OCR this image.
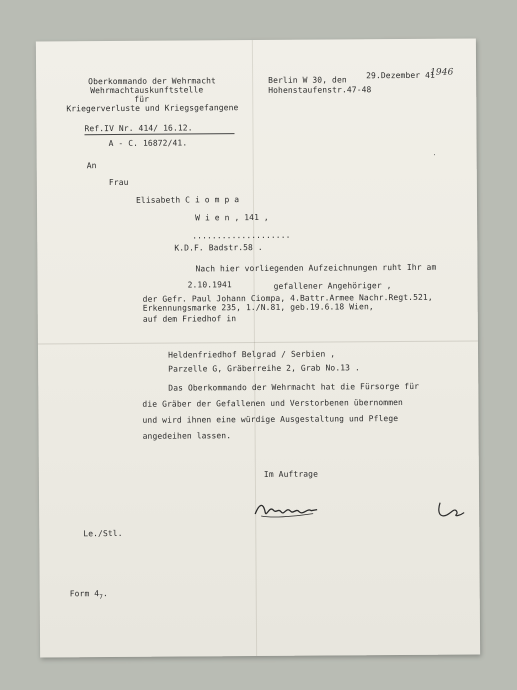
Oberkommando der Wehrmacht
Wehrmachtauskunftstelle
für
Kriegerverluste und Kriegsgefangene
Berlin W 30, den 29.Dezember 41
1946
Hohenstaufenstr.47-48
Ref.IV Nr. 414/ 16.12.
A - C. 16872/41.
·
An
Frau
Elisabeth C i o m p a
W i e n , 141 ,
....................
K.D.F. Badstr.58 .
Nach hier vorliegenden Aufzeichnungen ruht Ihr am
2.10.1941	gefallener Angehöriger ,
der Gefr. Paul Johann Ciompa, 4.Battr.Armee Nachr.Regt.521,
Erkennungsmarke 235, 1./N.81, geb.19.6.18 Wien,
auf dem Friedhof in
Heldenfriedhof Belgrad / Serbien ,
Parzelle G, Gräberreihe 2, Grab No.13 .
Das Oberkommando der Wehrmacht hat die Fürsorge für
die Gräber der Gefallenen und Verstorbenen übernommen
und wird ihnen eine würdige Ausgestaltung und Pflege
angedeihen lassen.
Im Auftrage
Le./Stl.
Form $4_7$.
